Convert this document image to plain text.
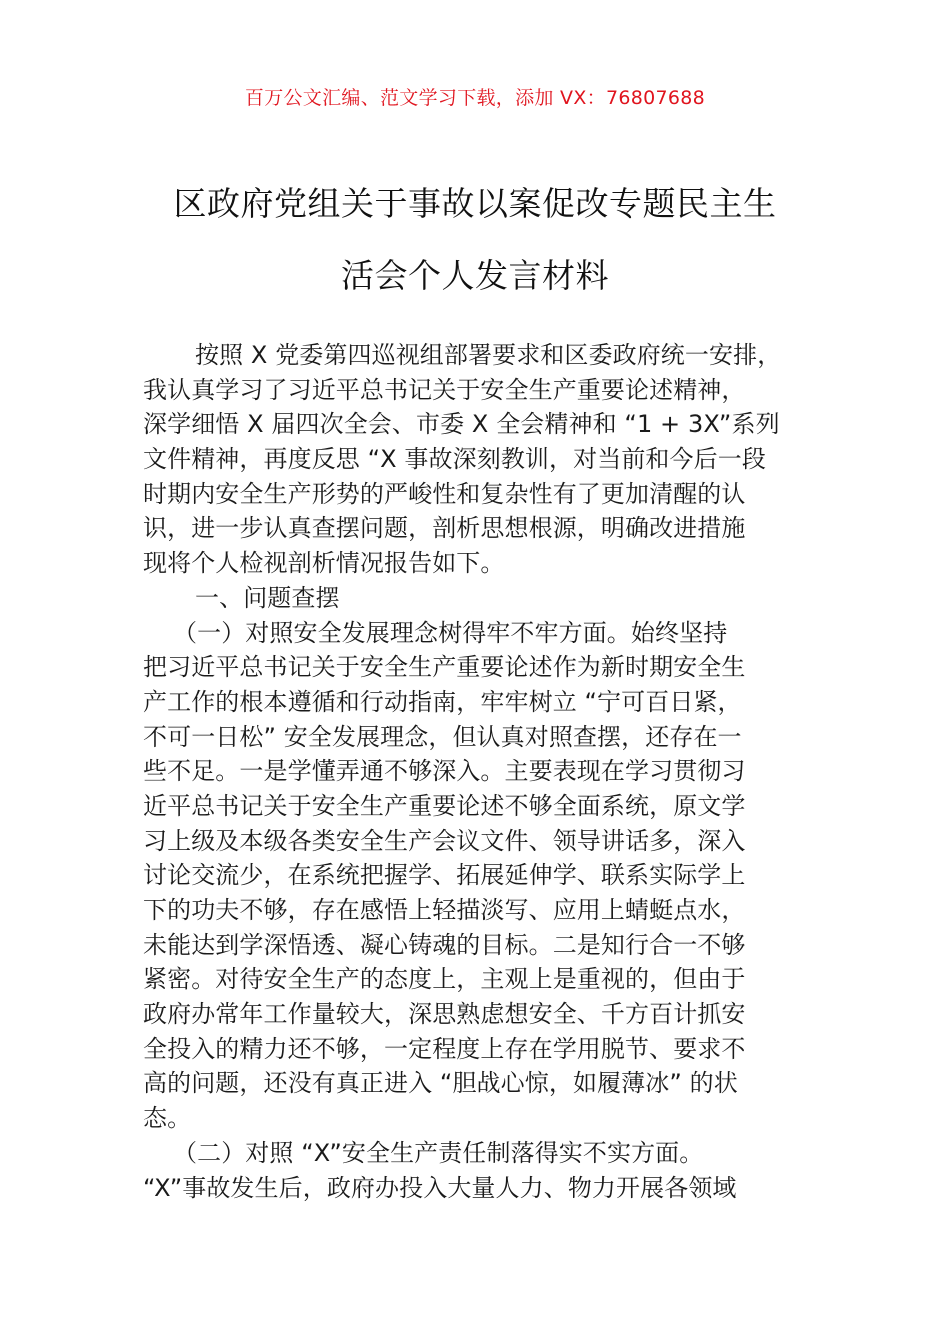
百万公文汇编、范文学习下载，添加 VX：76807688
区政府党组关于事故以案促改专题民主生
活会个人发言材料
按照 X 党委第四巡视组部署要求和区委政府统一安排，
我认真学习了习近平总书记关于安全生产重要论述精神，
深学细悟 X 届四次全会、市委 X 全会精神和 “1 + 3X”系列
文件精神，再度反思 “X 事故深刻教训，对当前和今后一段
时期内安全生产形势的严峻性和复杂性有了更加清醒的认
识，进一步认真查摆问题，剖析思想根源，明确改进措施
现将个人检视剖析情况报告如下。
一、问题查摆
（一）对照安全发展理念树得牢不牢方面。始终坚持
把习近平总书记关于安全生产重要论述作为新时期安全生
产工作的根本遵循和行动指南，牢牢树立 “宁可百日紧，
不可一日松” 安全发展理念，但认真对照查摆，还存在一
些不足。一是学懂弄通不够深入。主要表现在学习贯彻习
近平总书记关于安全生产重要论述不够全面系统，原文学
习上级及本级各类安全生产会议文件、领导讲话多，深入
讨论交流少，在系统把握学、拓展延伸学、联系实际学上
下的功夫不够，存在感悟上轻描淡写、应用上蜻蜓点水，
未能达到学深悟透、凝心铸魂的目标。二是知行合一不够
紧密。对待安全生产的态度上，主观上是重视的，但由于
政府办常年工作量较大，深思熟虑想安全、千方百计抓安
全投入的精力还不够，一定程度上存在学用脱节、要求不
高的问题，还没有真正进入 “胆战心惊，如履薄冰” 的状
态。
（二）对照 “X”安全生产责任制落得实不实方面。
“X”事故发生后，政府办投入大量人力、物力开展各领域
